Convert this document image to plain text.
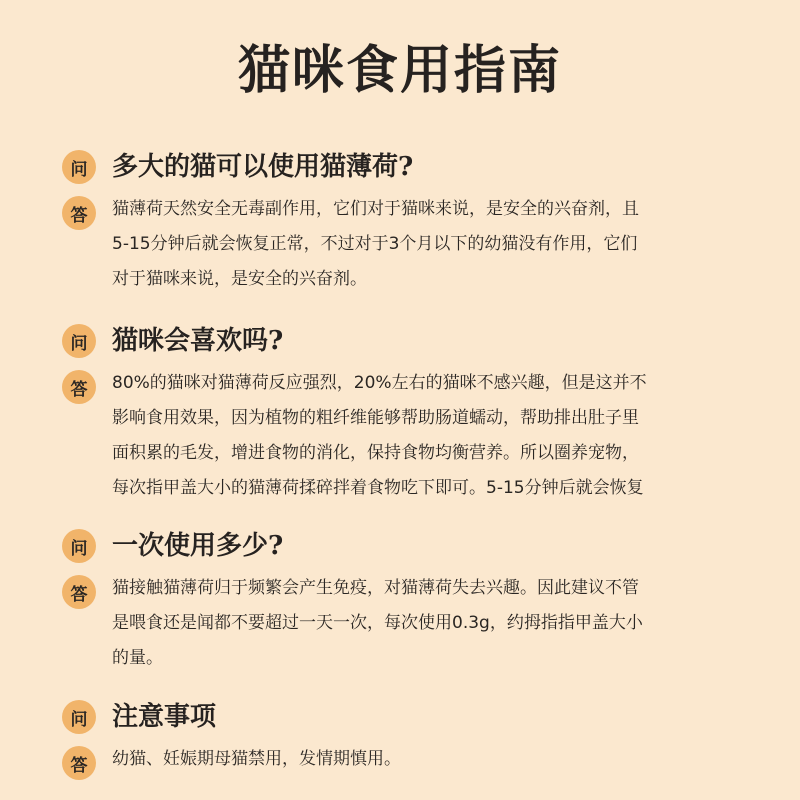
猫咪食用指南
问 多大的猫可以使用猫薄荷?
答	猫薄荷天然安全无毒副作用，它们对于猫咪来说，是安全的兴奋剂，且
5-15分钟后就会恢复正常，不过对于3个月以下的幼猫没有作用，它们
对于猫咪来说，是安全的兴奋剂。
问 猫咪会喜欢吗?
答	80%的猫咪对猫薄荷反应强烈，20%左右的猫咪不感兴趣，但是这并不
影响食用效果，因为植物的粗纤维能够帮助肠道蠕动，帮助排出肚子里
面积累的毛发，增进食物的消化，保持食物均衡营养。所以圈养宠物，
每次指甲盖大小的猫薄荷揉碎拌着食物吃下即可。5-15分钟后就会恢复
问 一次使用多少?
答	猫接触猫薄荷归于频繁会产生免疫，对猫薄荷失去兴趣。因此建议不管
是喂食还是闻都不要超过一天一次，每次使用0.3g，约拇指指甲盖大小
的量。
问 注意事项
答	幼猫、妊娠期母猫禁用，发情期慎用。
